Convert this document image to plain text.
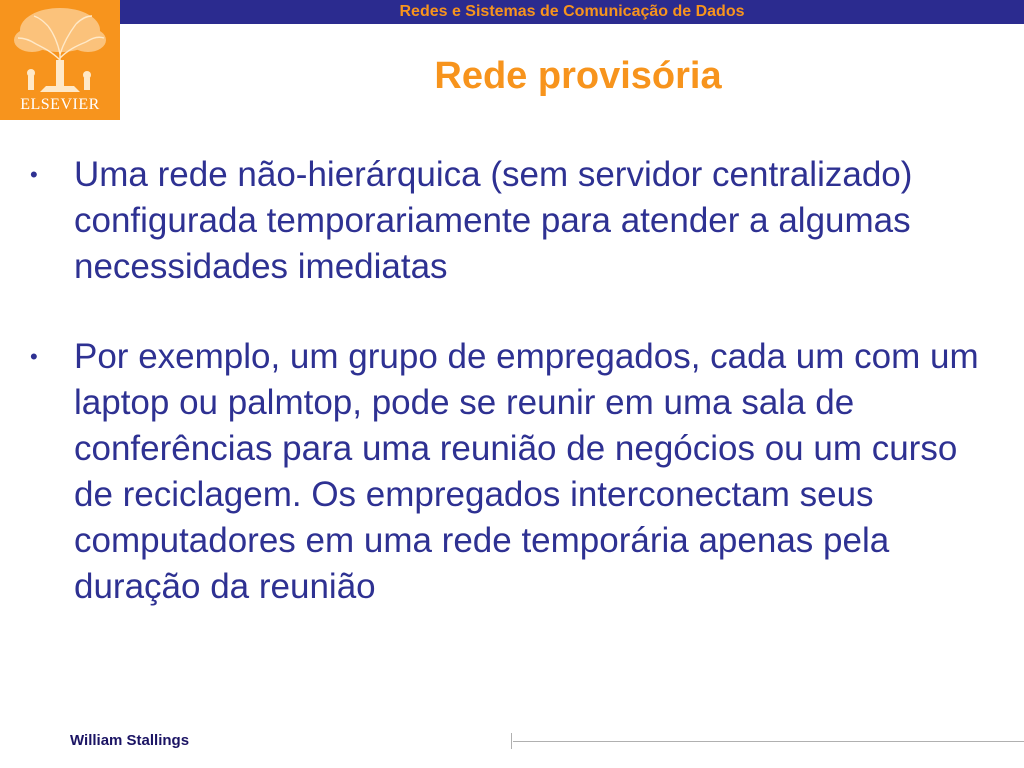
ELSEVIER
Redes e Sistemas de Comunicação de Dados
Rede provisória
•	Uma rede não-hierárquica (sem servidor centralizado) configurada temporariamente para atender a algumas necessidades imediatas
•	Por exemplo, um grupo de empregados, cada um com um laptop ou palmtop, pode se reunir em uma sala de conferências para uma reunião de negócios ou um curso de reciclagem. Os empregados interconectam seus computadores em uma rede temporária apenas pela duração da reunião
William Stallings
